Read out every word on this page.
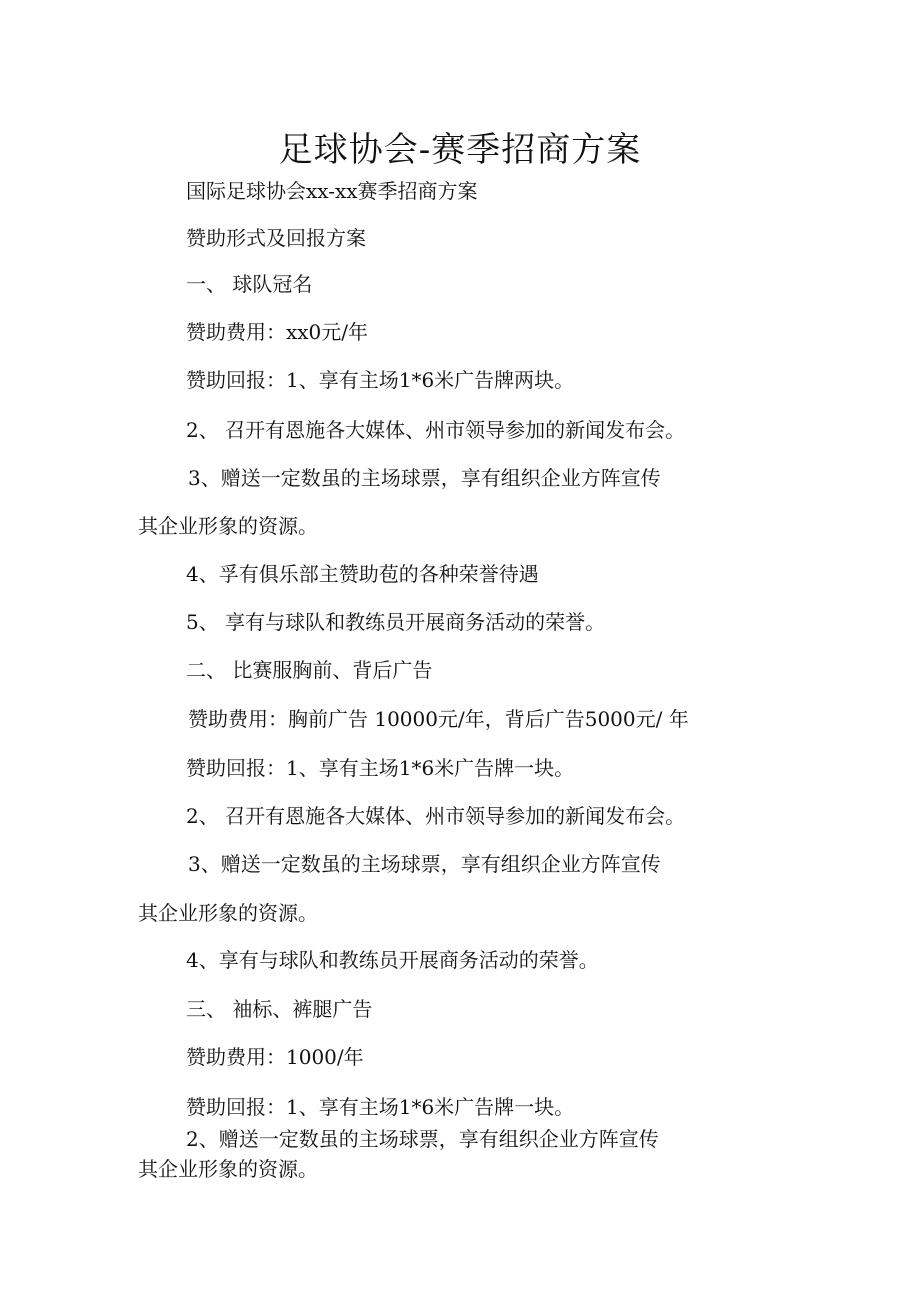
足球协会-赛季招商方案
国际足球协会xx-xx赛季招商方案
赞助形式及回报方案
一、 球队冠名
赞助费用：xx0元/年
赞助回报：1、享有主场1*6米广告牌两块。
2、 召开有恩施各大媒体、州市领导参加的新闻发布会。
3、赠送一定数虽的主场球票，享有组织企业方阵宣传
其企业形象的资源。
4、孚有俱乐部主赞助苞的各种荣誉待遇
5、 享有与球队和教练员开展商务活动的荣誉。
二、 比赛服胸前、背后广告
赞助费用：胸前广告 10000元/年，背后广告5000元/ 年
赞助回报：1、享有主场1*6米广告牌一块。
2、 召开有恩施各大媒体、州市领导参加的新闻发布会。
3、赠送一定数虽的主场球票，享有组织企业方阵宣传
其企业形象的资源。
4、享有与球队和教练员开展商务活动的荣誉。
三、 袖标、裤腿广告
赞助费用：1000/年
赞助回报：1、享有主场1*6米广告牌一块。
2、赠送一定数虽的主场球票，享有组织企业方阵宣传
其企业形象的资源。
